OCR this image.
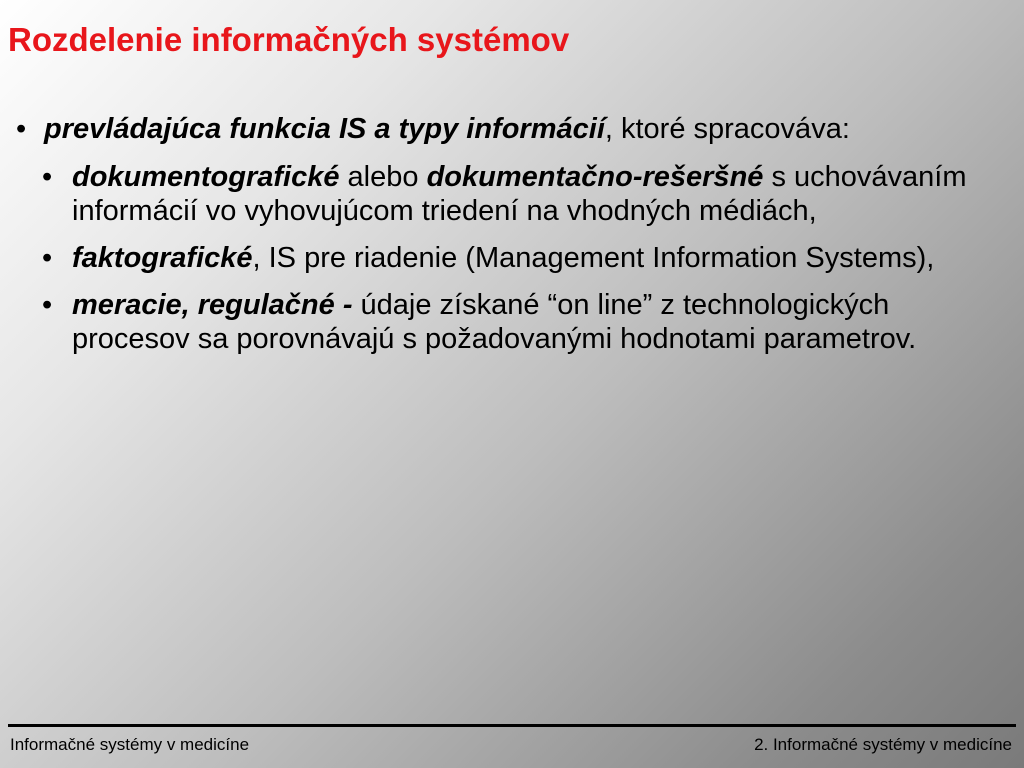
Rozdelenie informačných systémov
• prevládajúca funkcia IS a typy informácií, ktoré spracováva:
• dokumentografické alebo dokumentačno-rešeršné s uchovávaním informácií vo vyhovujúcom triedení na vhodných médiách,
• faktografické, IS pre riadenie (Management Information Systems),
• meracie, regulačné - údaje získané “on line” z technologických procesov sa porovnávajú s požadovanými hodnotami parametrov.
Informačné systémy v medicíne	2. Informačné systémy v medicíne
